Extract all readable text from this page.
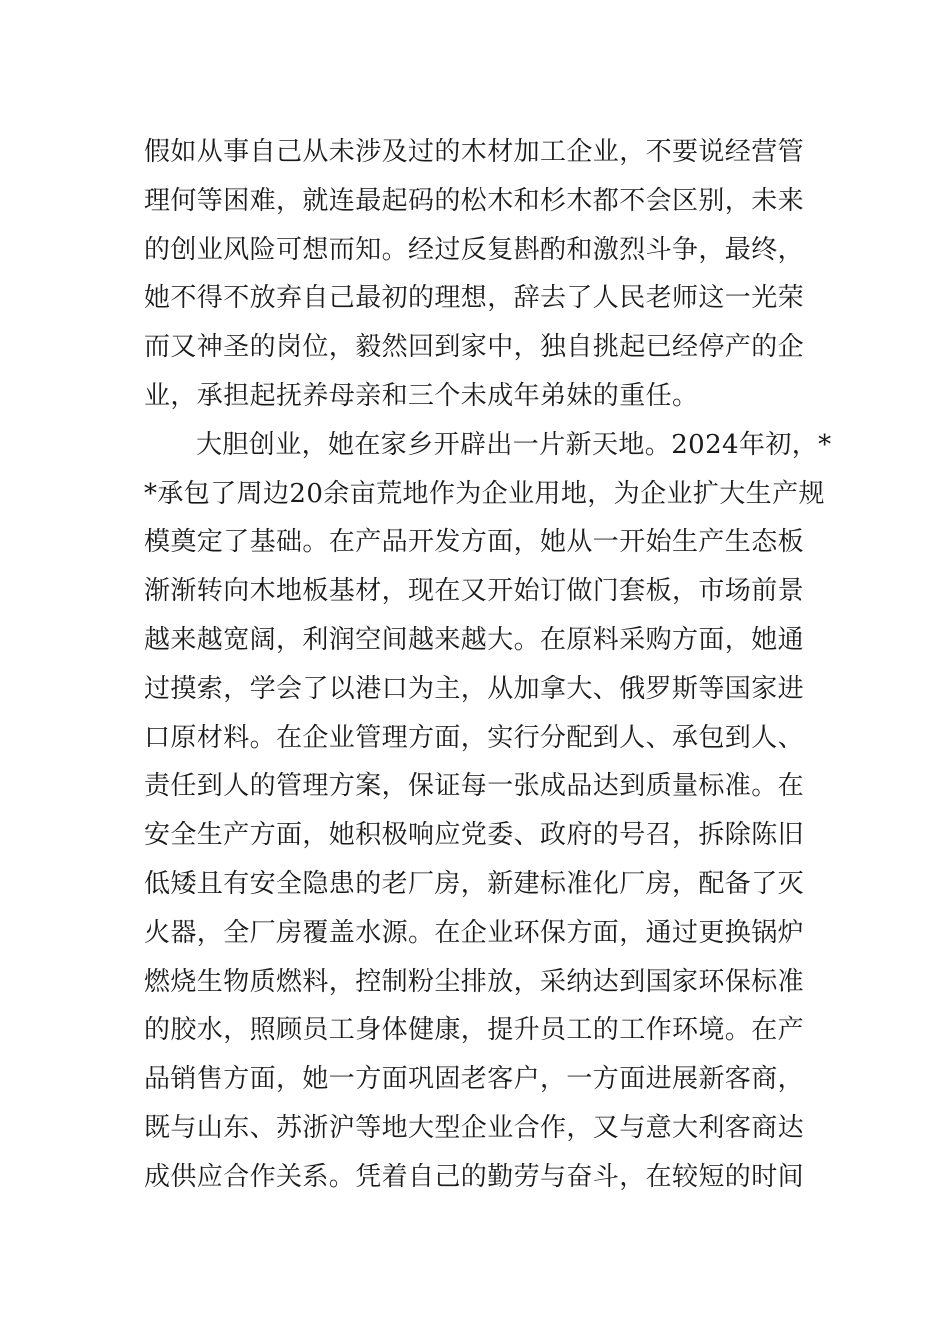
假如从事自己从未涉及过的木材加工企业，不要说经营管
理何等困难，就连最起码的松木和杉木都不会区别，未来
的创业风险可想而知。经过反复斟酌和激烈斗争，最终，
她不得不放弃自己最初的理想，辞去了人民老师这一光荣
而又神圣的岗位，毅然回到家中，独自挑起已经停产的企
业，承担起抚养母亲和三个未成年弟妹的重任。
大胆创业，她在家乡开辟出一片新天地。2024年初，*
*承包了周边20余亩荒地作为企业用地，为企业扩大生产规
模奠定了基础。在产品开发方面，她从一开始生产生态板
渐渐转向木地板基材，现在又开始订做门套板，市场前景
越来越宽阔，利润空间越来越大。在原料采购方面，她通
过摸索，学会了以港口为主，从加拿大、俄罗斯等国家进
口原材料。在企业管理方面，实行分配到人、承包到人、
责任到人的管理方案，保证每一张成品达到质量标准。在
安全生产方面，她积极响应党委、政府的号召，拆除陈旧
低矮且有安全隐患的老厂房，新建标准化厂房，配备了灭
火器，全厂房覆盖水源。在企业环保方面，通过更换锅炉
燃烧生物质燃料，控制粉尘排放，采纳达到国家环保标准
的胶水，照顾员工身体健康，提升员工的工作环境。在产
品销售方面，她一方面巩固老客户，一方面进展新客商，
既与山东、苏浙沪等地大型企业合作，又与意大利客商达
成供应合作关系。凭着自己的勤劳与奋斗，在较短的时间
